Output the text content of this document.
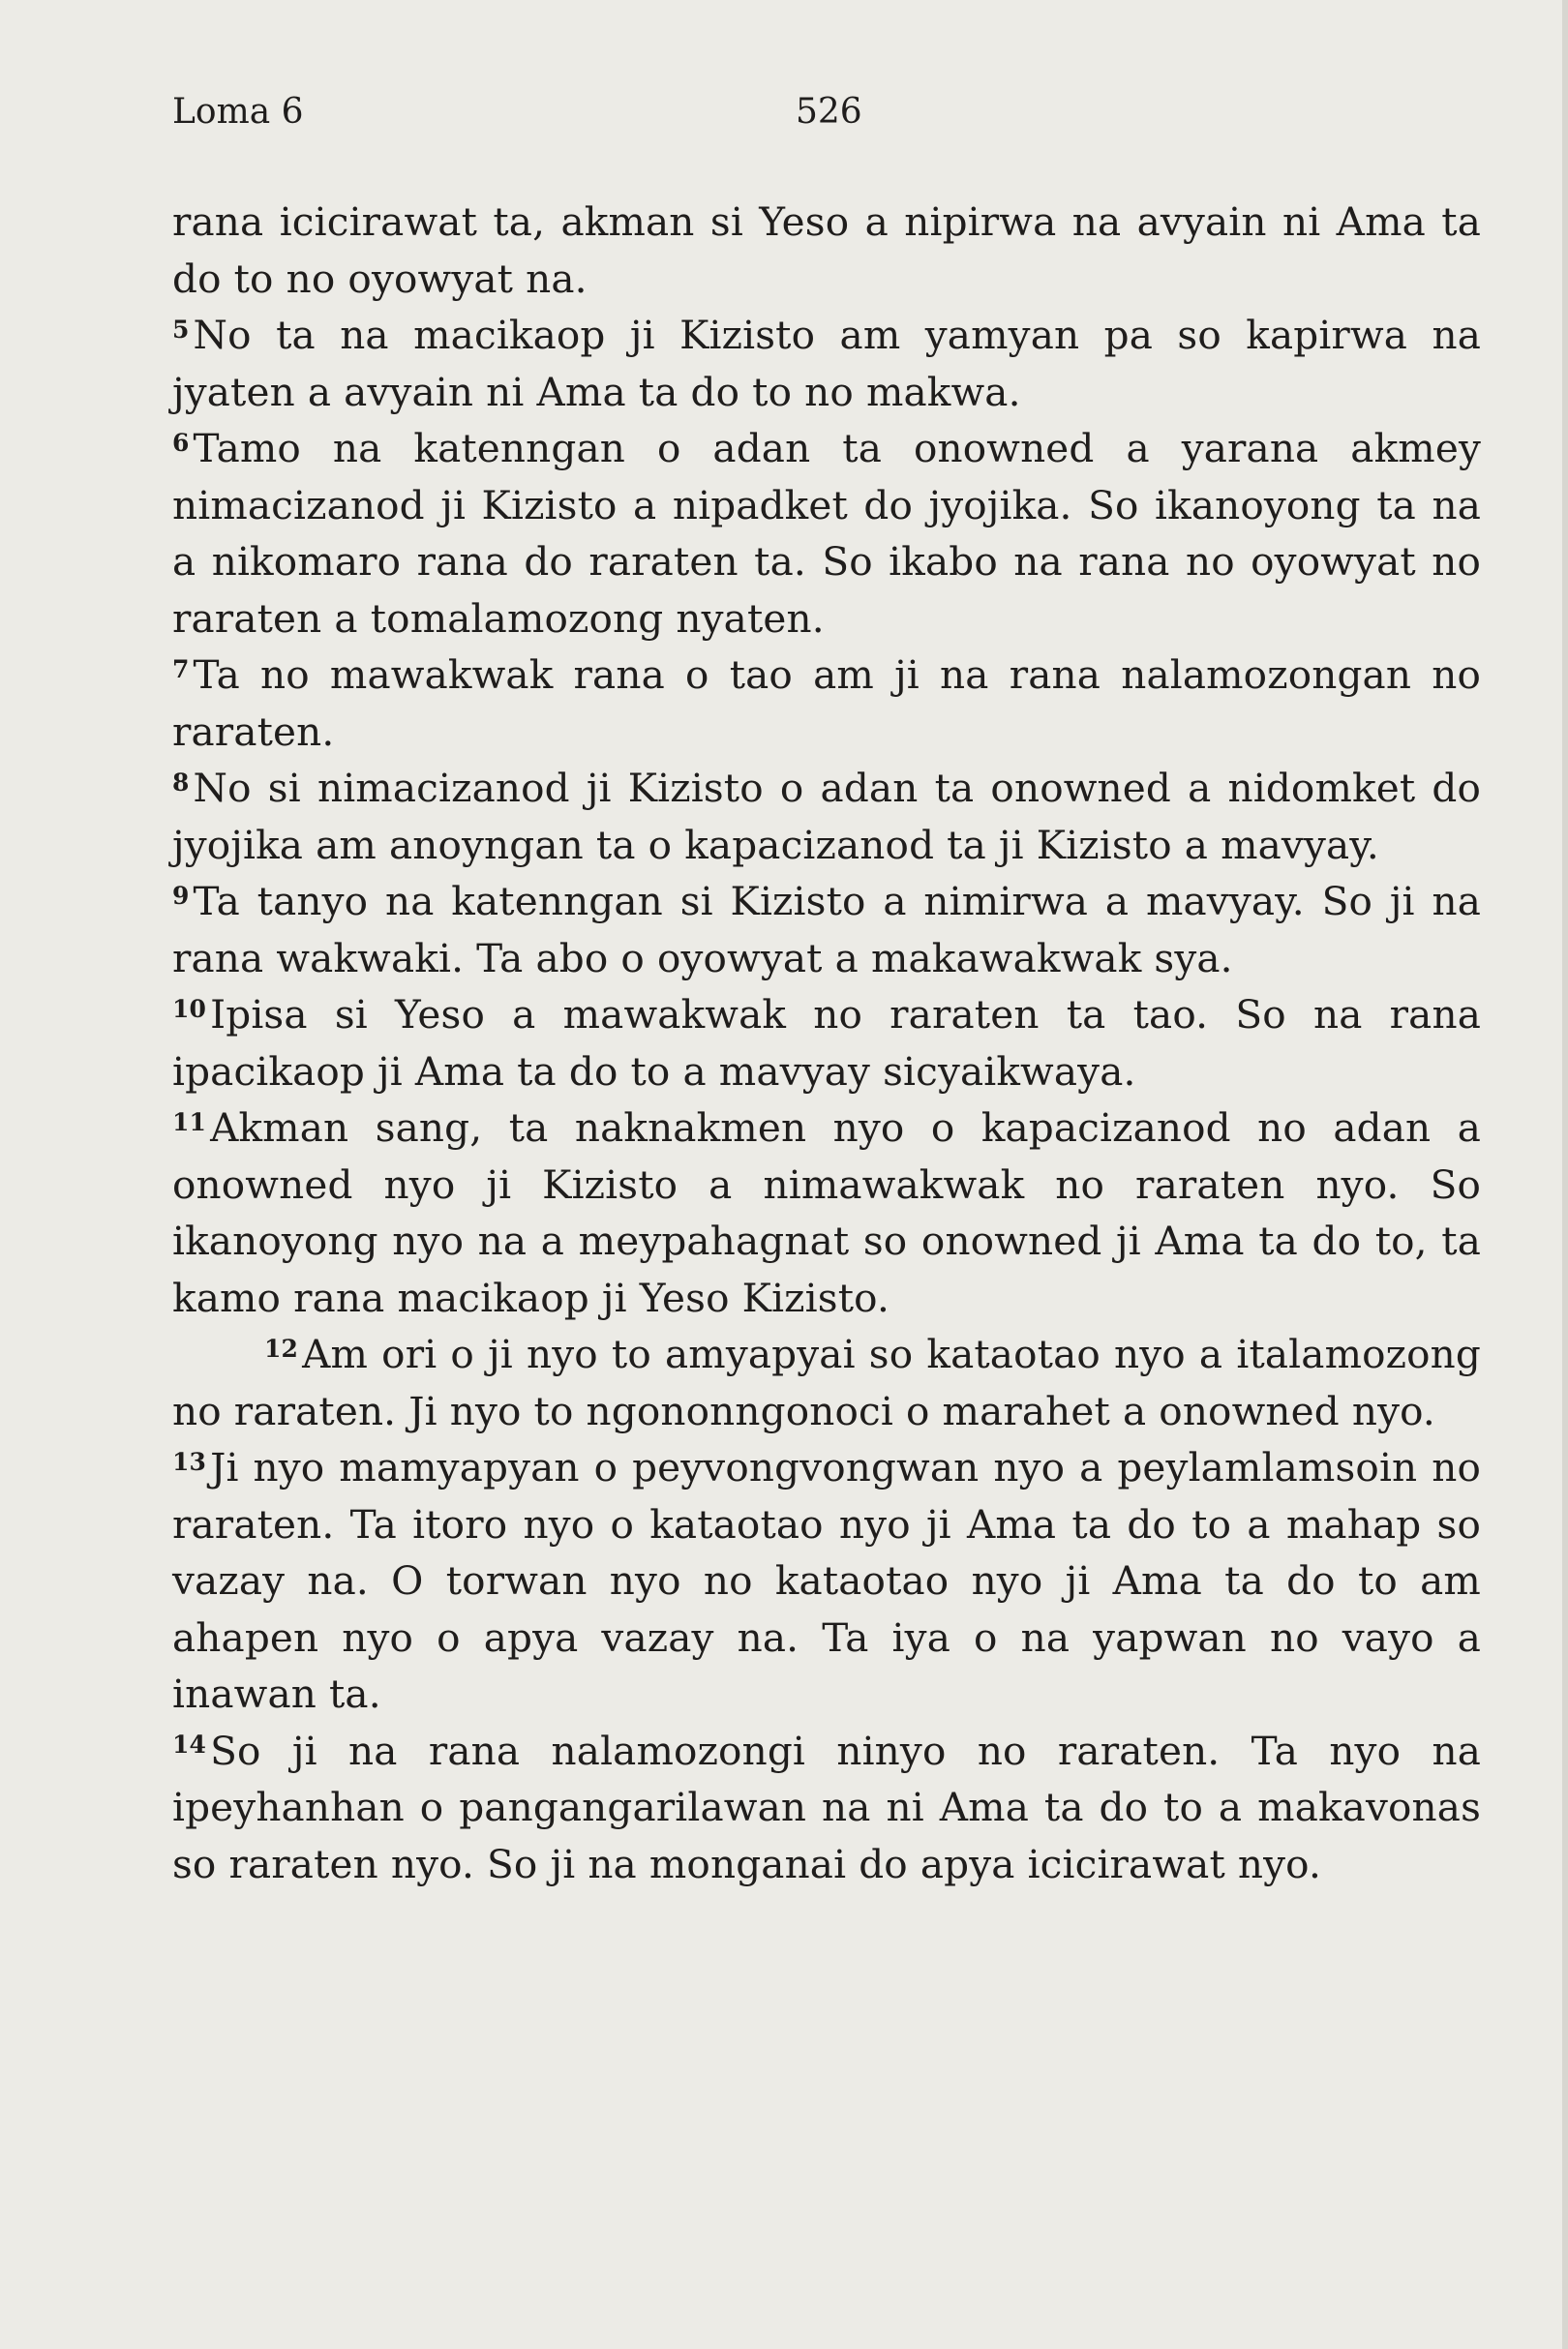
Loma 6	526

rana icicirawat ta, akman si Yeso a nipirwa na avyain ni Ama ta do to no oyowyat na.

$^5$No ta na macikaop ji Kizisto am yamyan pa so kapirwa na jyaten a avyain ni Ama ta do to no makwa.

$^6$Tamo na katenngan o adan ta onowned a yarana akmey nimacizanod ji Kizisto a nipadket do jyojika. So ikanoyong ta na a nikomaro rana do raraten ta. So ikabo na rana no oyowyat no raraten a tomalamozong nyaten.

$^7$Ta no mawakwak rana o tao am ji na rana nalamozongan no raraten.

$^8$No si nimacizanod ji Kizisto o adan ta onowned a nidomket do jyojika am anoyngan ta o kapacizanod ta ji Kizisto a mavyay.

$^9$Ta tanyo na katenngan si Kizisto a nimirwa a mavyay. So ji na rana wakwaki. Ta abo o oyowyat a makawakwak sya.

$^{10}$Ipisa si Yeso a mawakwak no raraten ta tao. So na rana ipacikaop ji Ama ta do to a mavyay sicyaikwaya.

$^{11}$Akman sang, ta naknakmen nyo o kapacizanod no adan a onowned nyo ji Kizisto a nimawakwak no raraten nyo. So ikanoyong nyo na a meypahagnat so onowned ji Ama ta do to, ta kamo rana macikaop ji Yeso Kizisto.

$^{12}$Am ori o ji nyo to amyapyai so kataotao nyo a italamozong no raraten. Ji nyo to ngononngonoci o marahet a onowned nyo.

$^{13}$Ji nyo mamyapyan o peyvongvongwan nyo a peylamlamsoin no raraten. Ta itoro nyo o kataotao nyo ji Ama ta do to a mahap so vazay na. O torwan nyo no kataotao nyo ji Ama ta do to am ahapen nyo o apya vazay na. Ta iya o na yapwan no vayo a inawan ta.

$^{14}$So ji na rana nalamozongi ninyo no raraten. Ta nyo na ipeyhanhan o pangangarilawan na ni Ama ta do to a makavonas so raraten nyo. So ji na monganai do apya icicirawat nyo.
